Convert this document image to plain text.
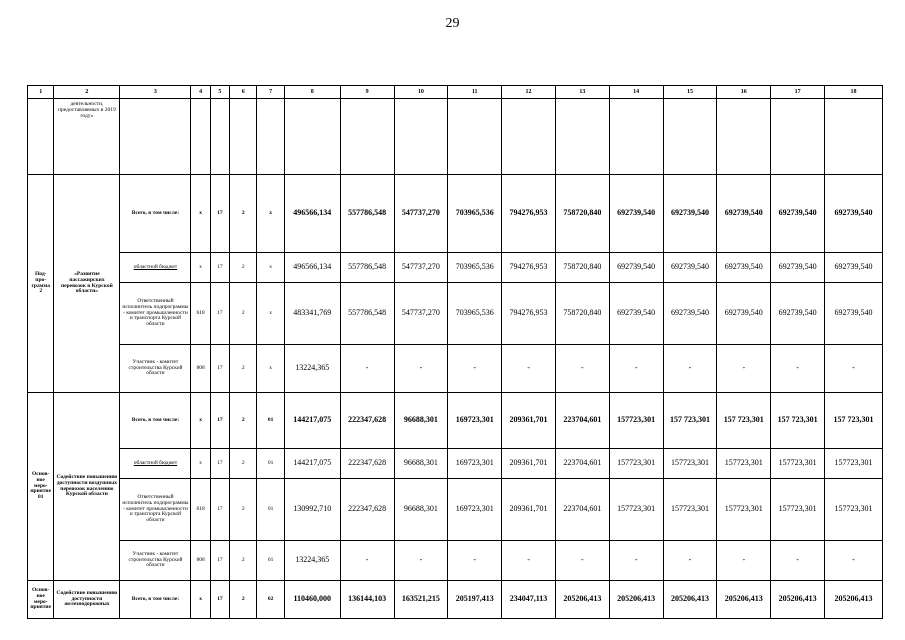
29
1	2	3	4	5	6	7	8	9	10	11	12	13	14	15	16	17	18
	деятельности, предоставляемых в 2019 году»																
Под-про-грамма 2	«Развитие пассажирских перевозок в Курской области»	Всего, в том числе:	x	17	2	x	496566,134	557786,548	547737,270	703965,536	794276,953	758720,840	692739,540	692739,540	692739,540	692739,540	692739,540
		областной бюджет	x	17	2	x	496566,134	557786,548	547737,270	703965,536	794276,953	758720,840	692739,540	692739,540	692739,540	692739,540	692739,540
		Ответственный исполнитель подпрограммы - комитет промышленности и транспорта Курской области	618	17	2	x	483341,769	557786,548	547737,270	703965,536	794276,953	758720,840	692739,540	692739,540	692739,540	692739,540	692739,540
		Участник - комитет строительства Курской области	808	17	2	x	13224,365	-	-	-	-	-	-	-	-	-	-
Основ-ное меро-приятие 01	Содействие повышению доступности воздушных перевозок населению Курской области	Всего, в том числе:	x	17	2	01	144217,075	222347,628	96688,301	169723,301	209361,701	223704,601	157723,301	157 723,301	157 723,301	157 723,301	157 723,301
		областной бюджет	x	17	2	01	144217,075	222347,628	96688,301	169723,301	209361,701	223704,601	157723,301	157723,301	157723,301	157723,301	157723,301
		Ответственный исполнитель подпрограммы - комитет промышленности и транспорта Курской области	618	17	2	01	130992,710	222347,628	96688,301	169723,301	209361,701	223704,601	157723,301	157723,301	157723,301	157723,301	157723,301
		Участник - комитет строительства Курской области	808	17	2	01	13224,365	-	-	-	-	-	-	-	-	-	-
Основ-ное меро-приятие	Содействие повышению доступности железнодорожных	Всего, в том числе:	x	17	2	02	110460,000	136144,103	163521,215	205197,413	234047,113	205206,413	205206,413	205206,413	205206,413	205206,413	205206,413
